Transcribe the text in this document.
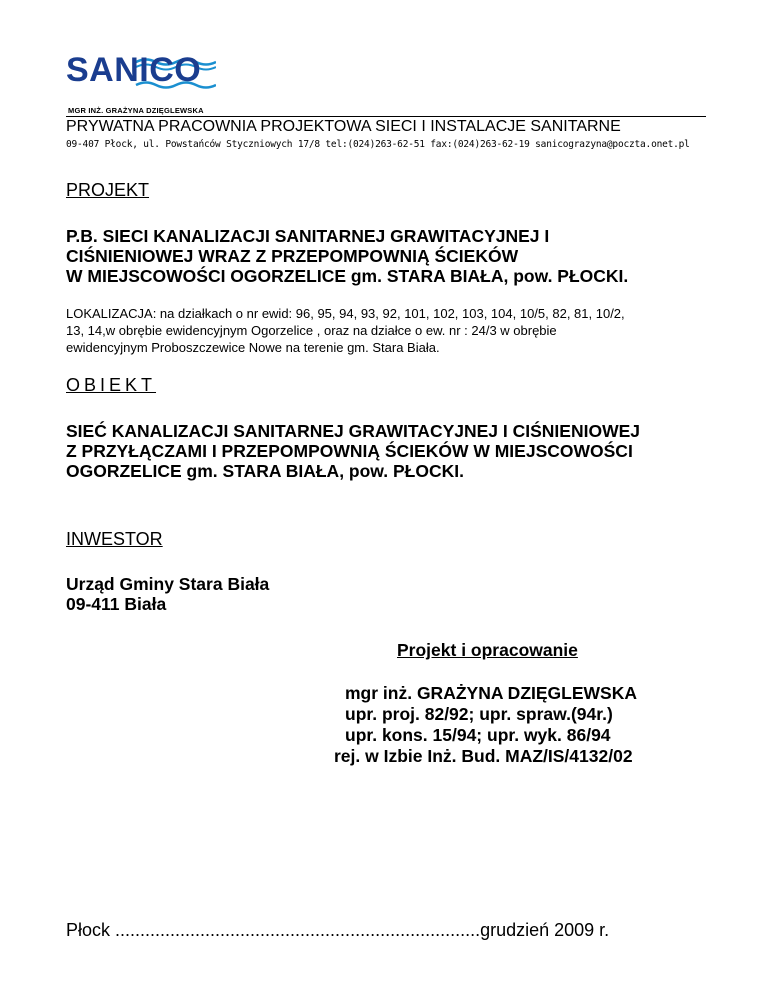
SANICO
MGR INŻ. GRAŻYNA DZIĘGLEWSKA
PRYWATNA PRACOWNIA PROJEKTOWA SIECI I INSTALACJE SANITARNE
09-407 Płock, ul. Powstańców Styczniowych 17/8 tel:(024)263-62-51 fax:(024)263-62-19 sanicograzyna@poczta.onet.pl
PROJEKT
P.B. SIECI KANALIZACJI SANITARNEJ GRAWITACYJNEJ I
CIŚNIENIOWEJ WRAZ Z PRZEPOMPOWNIĄ ŚCIEKÓW
W MIEJSCOWOŚCI OGORZELICE gm. STARA BIAŁA, pow. PŁOCKI.
LOKALIZACJA: na działkach o nr ewid: 96, 95, 94, 93, 92, 101, 102, 103, 104, 10/5, 82, 81, 10/2,
13, 14,w obrębie ewidencyjnym Ogorzelice , oraz na działce o ew. nr : 24/3 w obrębie
ewidencyjnym Proboszczewice Nowe na terenie gm. Stara Biała.
OBIEKT
SIEĆ KANALIZACJI SANITARNEJ GRAWITACYJNEJ I CIŚNIENIOWEJ
Z PRZYŁĄCZAMI I PRZEPOMPOWNIĄ ŚCIEKÓW W MIEJSCOWOŚCI
OGORZELICE gm. STARA BIAŁA, pow. PŁOCKI.
INWESTOR
Urząd Gminy Stara Biała
09-411 Biała
Projekt i opracowanie
mgr inż. GRAŻYNA DZIĘGLEWSKA
upr. proj. 82/92; upr. spraw.(94r.)
upr. kons. 15/94; upr. wyk. 86/94
rej. w Izbie Inż. Bud. MAZ/IS/4132/02
Płock .........................................................................grudzień 2009 r.
